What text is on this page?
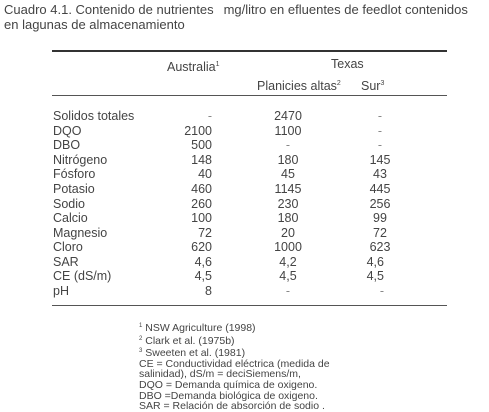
Cuadro 4.1. Contenido de nutrientes mg/litro en efluentes de feedlot contenidos
en lagunas de almacenamiento
Australia$^1$	Texas
Planicies altas$^2$ Sur$^3$
Solidos totales	-	2470	-
DQO	2100	1100	-
DBO	500	-	-
Nitrógeno	148	180	145
Fósforo	40	45	43
Potasio	460	1145	445
Sodio	260	230	256
Calcio	100	180	99
Magnesio	72	20	72
Cloro	620	1000	623
SAR	4,6	4,2	4,6
CE (dS/m)	4,5	4,5	4,5
pH	8	-	-
$^1$ NSW Agriculture (1998)
$^2$ Clark et al. (1975b)
$^3$ Sweeten et al. (1981)
CE = Conductividad eléctrica (medida de
salinidad), dS/m = deciSiemens/m,
DQO = Demanda química de oxigeno.
DBO =Demanda biológica de oxigeno.
SAR = Relación de absorción de sodio .
